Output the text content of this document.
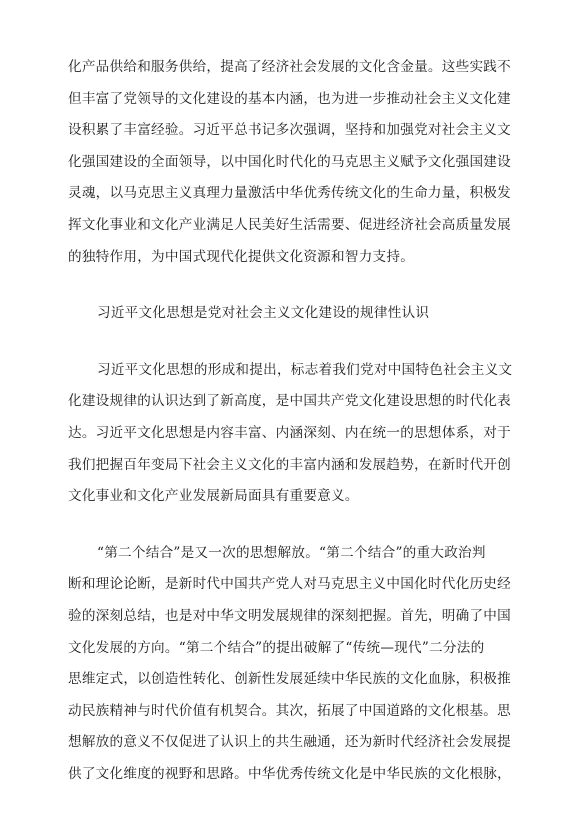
化产品供给和服务供给，提高了经济社会发展的文化含金量。这些实践不
但丰富了党领导的文化建设的基本内涵，也为进一步推动社会主义文化建
设积累了丰富经验。习近平总书记多次强调，坚持和加强党对社会主义文
化强国建设的全面领导，以中国化时代化的马克思主义赋予文化强国建设
灵魂，以马克思主义真理力量激活中华优秀传统文化的生命力量，积极发
挥文化事业和文化产业满足人民美好生活需要、促进经济社会高质量发展
的独特作用，为中国式现代化提供文化资源和智力支持。
习近平文化思想是党对社会主义文化建设的规律性认识
习近平文化思想的形成和提出，标志着我们党对中国特色社会主义文
化建设规律的认识达到了新高度，是中国共产党文化建设思想的时代化表
达。习近平文化思想是内容丰富、内涵深刻、内在统一的思想体系，对于
我们把握百年变局下社会主义文化的丰富内涵和发展趋势，在新时代开创
文化事业和文化产业发展新局面具有重要意义。
“第二个结合”是又一次的思想解放。“第二个结合”的重大政治判
断和理论论断，是新时代中国共产党人对马克思主义中国化时代化历史经
验的深刻总结，也是对中华文明发展规律的深刻把握。首先，明确了中国
文化发展的方向。“第二个结合”的提出破解了“传统—现代”二分法的
思维定式，以创造性转化、创新性发展延续中华民族的文化血脉，积极推
动民族精神与时代价值有机契合。其次，拓展了中国道路的文化根基。思
想解放的意义不仅促进了认识上的共生融通，还为新时代经济社会发展提
供了文化维度的视野和思路。中华优秀传统文化是中华民族的文化根脉，
